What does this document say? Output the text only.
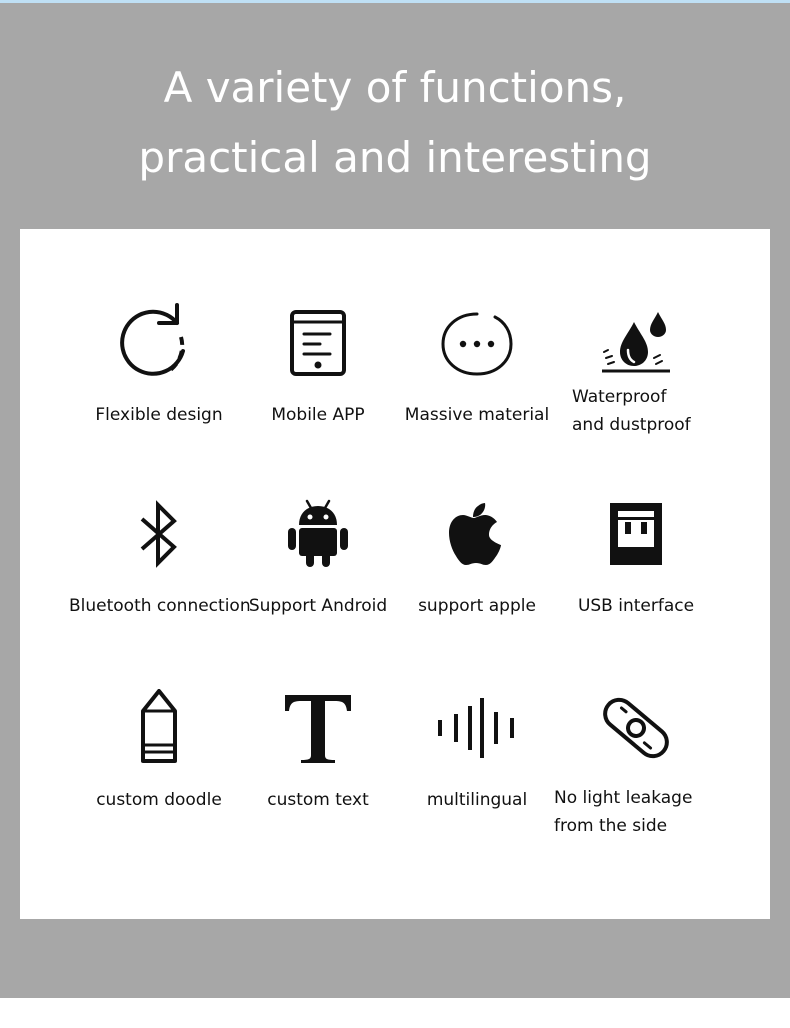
A variety of functions,
practical and interesting
Flexible design	Mobile APP	Massive material
Waterproof
and dustproof
Bluetooth connection
Support Android	support apple	USB interface
custom doodle	custom text	multilingual	No light leakage
from the side
